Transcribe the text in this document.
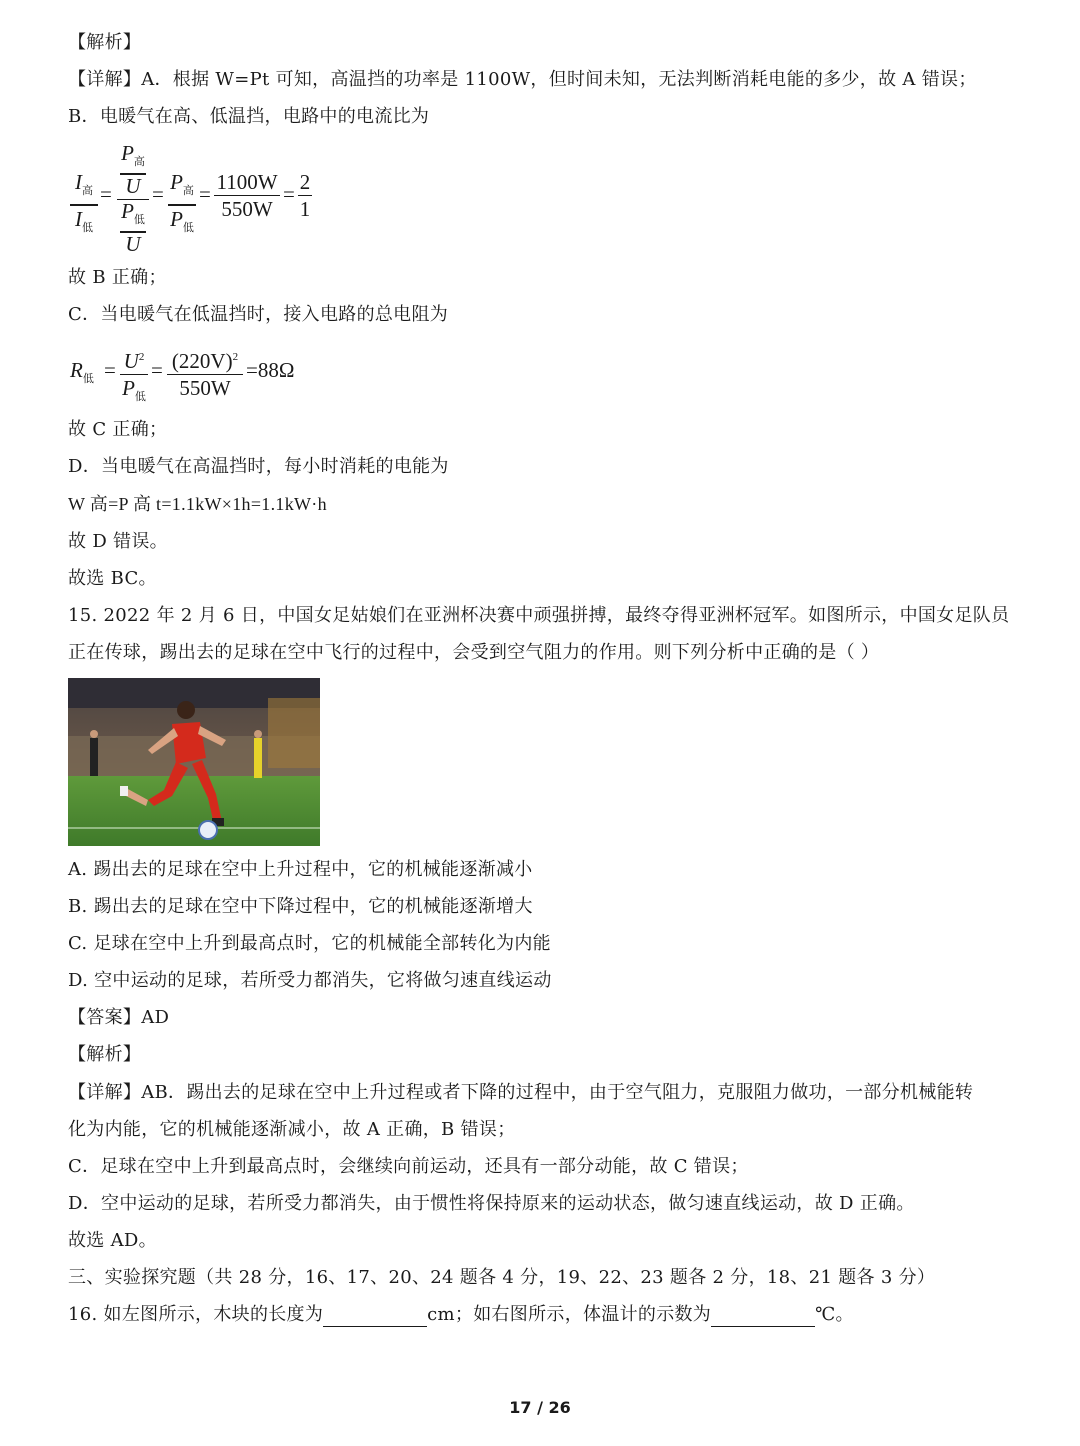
【解析】
【详解】A．根据 W=Pt 可知，高温挡的功率是 1100W，但时间未知，无法判断消耗电能的多少，故 A 错误；
B．电暖气在高、低温挡，电路中的电流比为
$I_高$
$I_低$
=
$P_高$
U
$P_低$
U
= $P_高$
$P_低$
= 1100W
550W
= 2
1
故 B 正确；
C．当电暖气在低温挡时，接入电路的总电阻为
$R_低 = U^2$
$P_低$
= $(220V)^2$
550W
=88Ω
故 C 正确；
D．当电暖气在高温挡时，每小时消耗的电能为
W 高=P 高 t=1.1kW×1h=1.1kW·h
故 D 错误。
故选 BC。
15. 2022 年 2 月 6 日，中国女足姑娘们在亚洲杯决赛中顽强拼搏，最终夺得亚洲杯冠军。如图所示，中国女足队员
正在传球，踢出去的足球在空中飞行的过程中，会受到空气阻力的作用。则下列分析中正确的是（ ）
A. 踢出去的足球在空中上升过程中，它的机械能逐渐减小
B. 踢出去的足球在空中下降过程中，它的机械能逐渐增大
C. 足球在空中上升到最高点时，它的机械能全部转化为内能
D. 空中运动的足球，若所受力都消失，它将做匀速直线运动
【答案】AD
【解析】
【详解】AB．踢出去的足球在空中上升过程或者下降的过程中，由于空气阻力，克服阻力做功，一部分机械能转
化为内能，它的机械能逐渐减小，故 A 正确，B 错误；
C．足球在空中上升到最高点时，会继续向前运动，还具有一部分动能，故 C 错误；
D．空中运动的足球，若所受力都消失，由于惯性将保持原来的运动状态，做匀速直线运动，故 D 正确。
故选 AD。
三、实验探究题（共 28 分，16、17、20、24 题各 4 分，19、22、23 题各 2 分，18、21 题各 3 分）
16. 如左图所示，木块的长度为	cm；如右图所示，体温计的示数为	℃。
17 / 26
